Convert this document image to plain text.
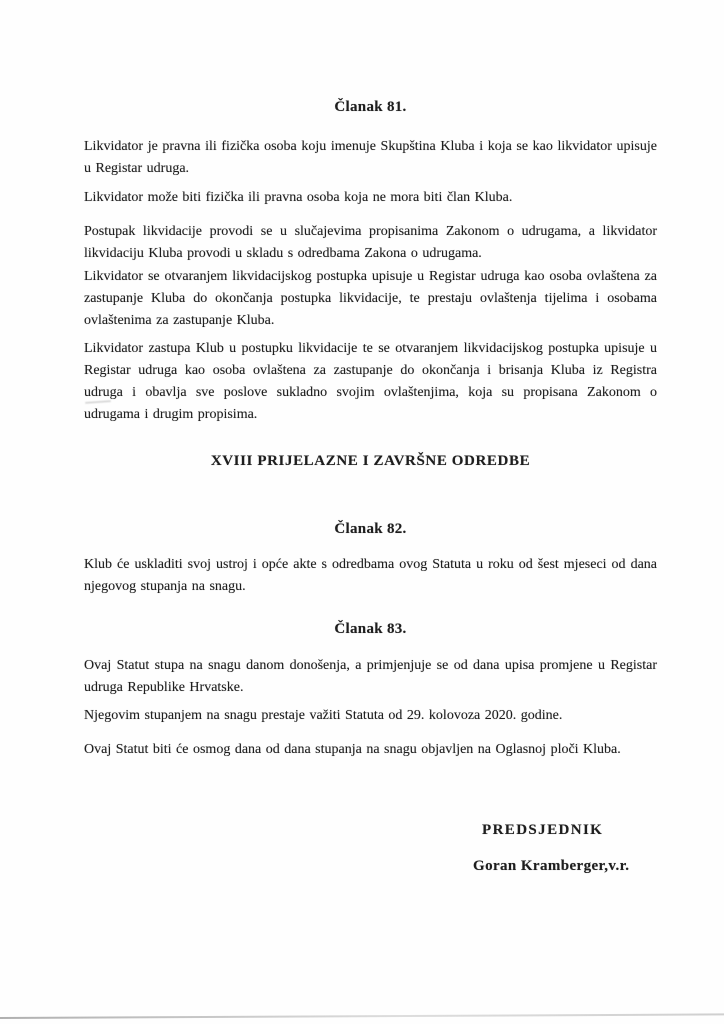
Članak 81.
Likvidator je pravna ili fizička osoba koju imenuje Skupština Kluba i koja se kao likvidator upisuje u Registar udruga.
Likvidator može biti fizička ili pravna osoba koja ne mora biti član Kluba.
Postupak likvidacije provodi se u slučajevima propisanima Zakonom o udrugama, a likvidator likvidaciju Kluba provodi u skladu s odredbama Zakona o udrugama.
Likvidator se otvaranjem likvidacijskog postupka upisuje u Registar udruga kao osoba ovlaštena za zastupanje Kluba do okončanja postupka likvidacije, te prestaju ovlaštenja tijelima i osobama ovlaštenima za zastupanje Kluba.
Likvidator zastupa Klub u postupku likvidacije te se otvaranjem likvidacijskog postupka upisuje u Registar udruga kao osoba ovlaštena za zastupanje do okončanja i brisanja Kluba iz Registra udruga i obavlja sve poslove sukladno svojim ovlaštenjima, koja su propisana Zakonom o udrugama i drugim propisima.
XVIII PRIJELAZNE I ZAVRŠNE ODREDBE
Članak 82.
Klub će uskladiti svoj ustroj i opće akte s odredbama ovog Statuta u roku od šest mjeseci od dana njegovog stupanja na snagu.
Članak 83.
Ovaj Statut stupa na snagu danom donošenja, a primjenjuje se od dana upisa promjene u Registar udruga Republike Hrvatske.
Njegovim stupanjem na snagu prestaje važiti Statuta od 29. kolovoza 2020. godine.
Ovaj Statut biti će osmog dana od dana stupanja na snagu objavljen na Oglasnoj ploči Kluba.
PREDSJEDNIK
Goran Kramberger,v.r.
